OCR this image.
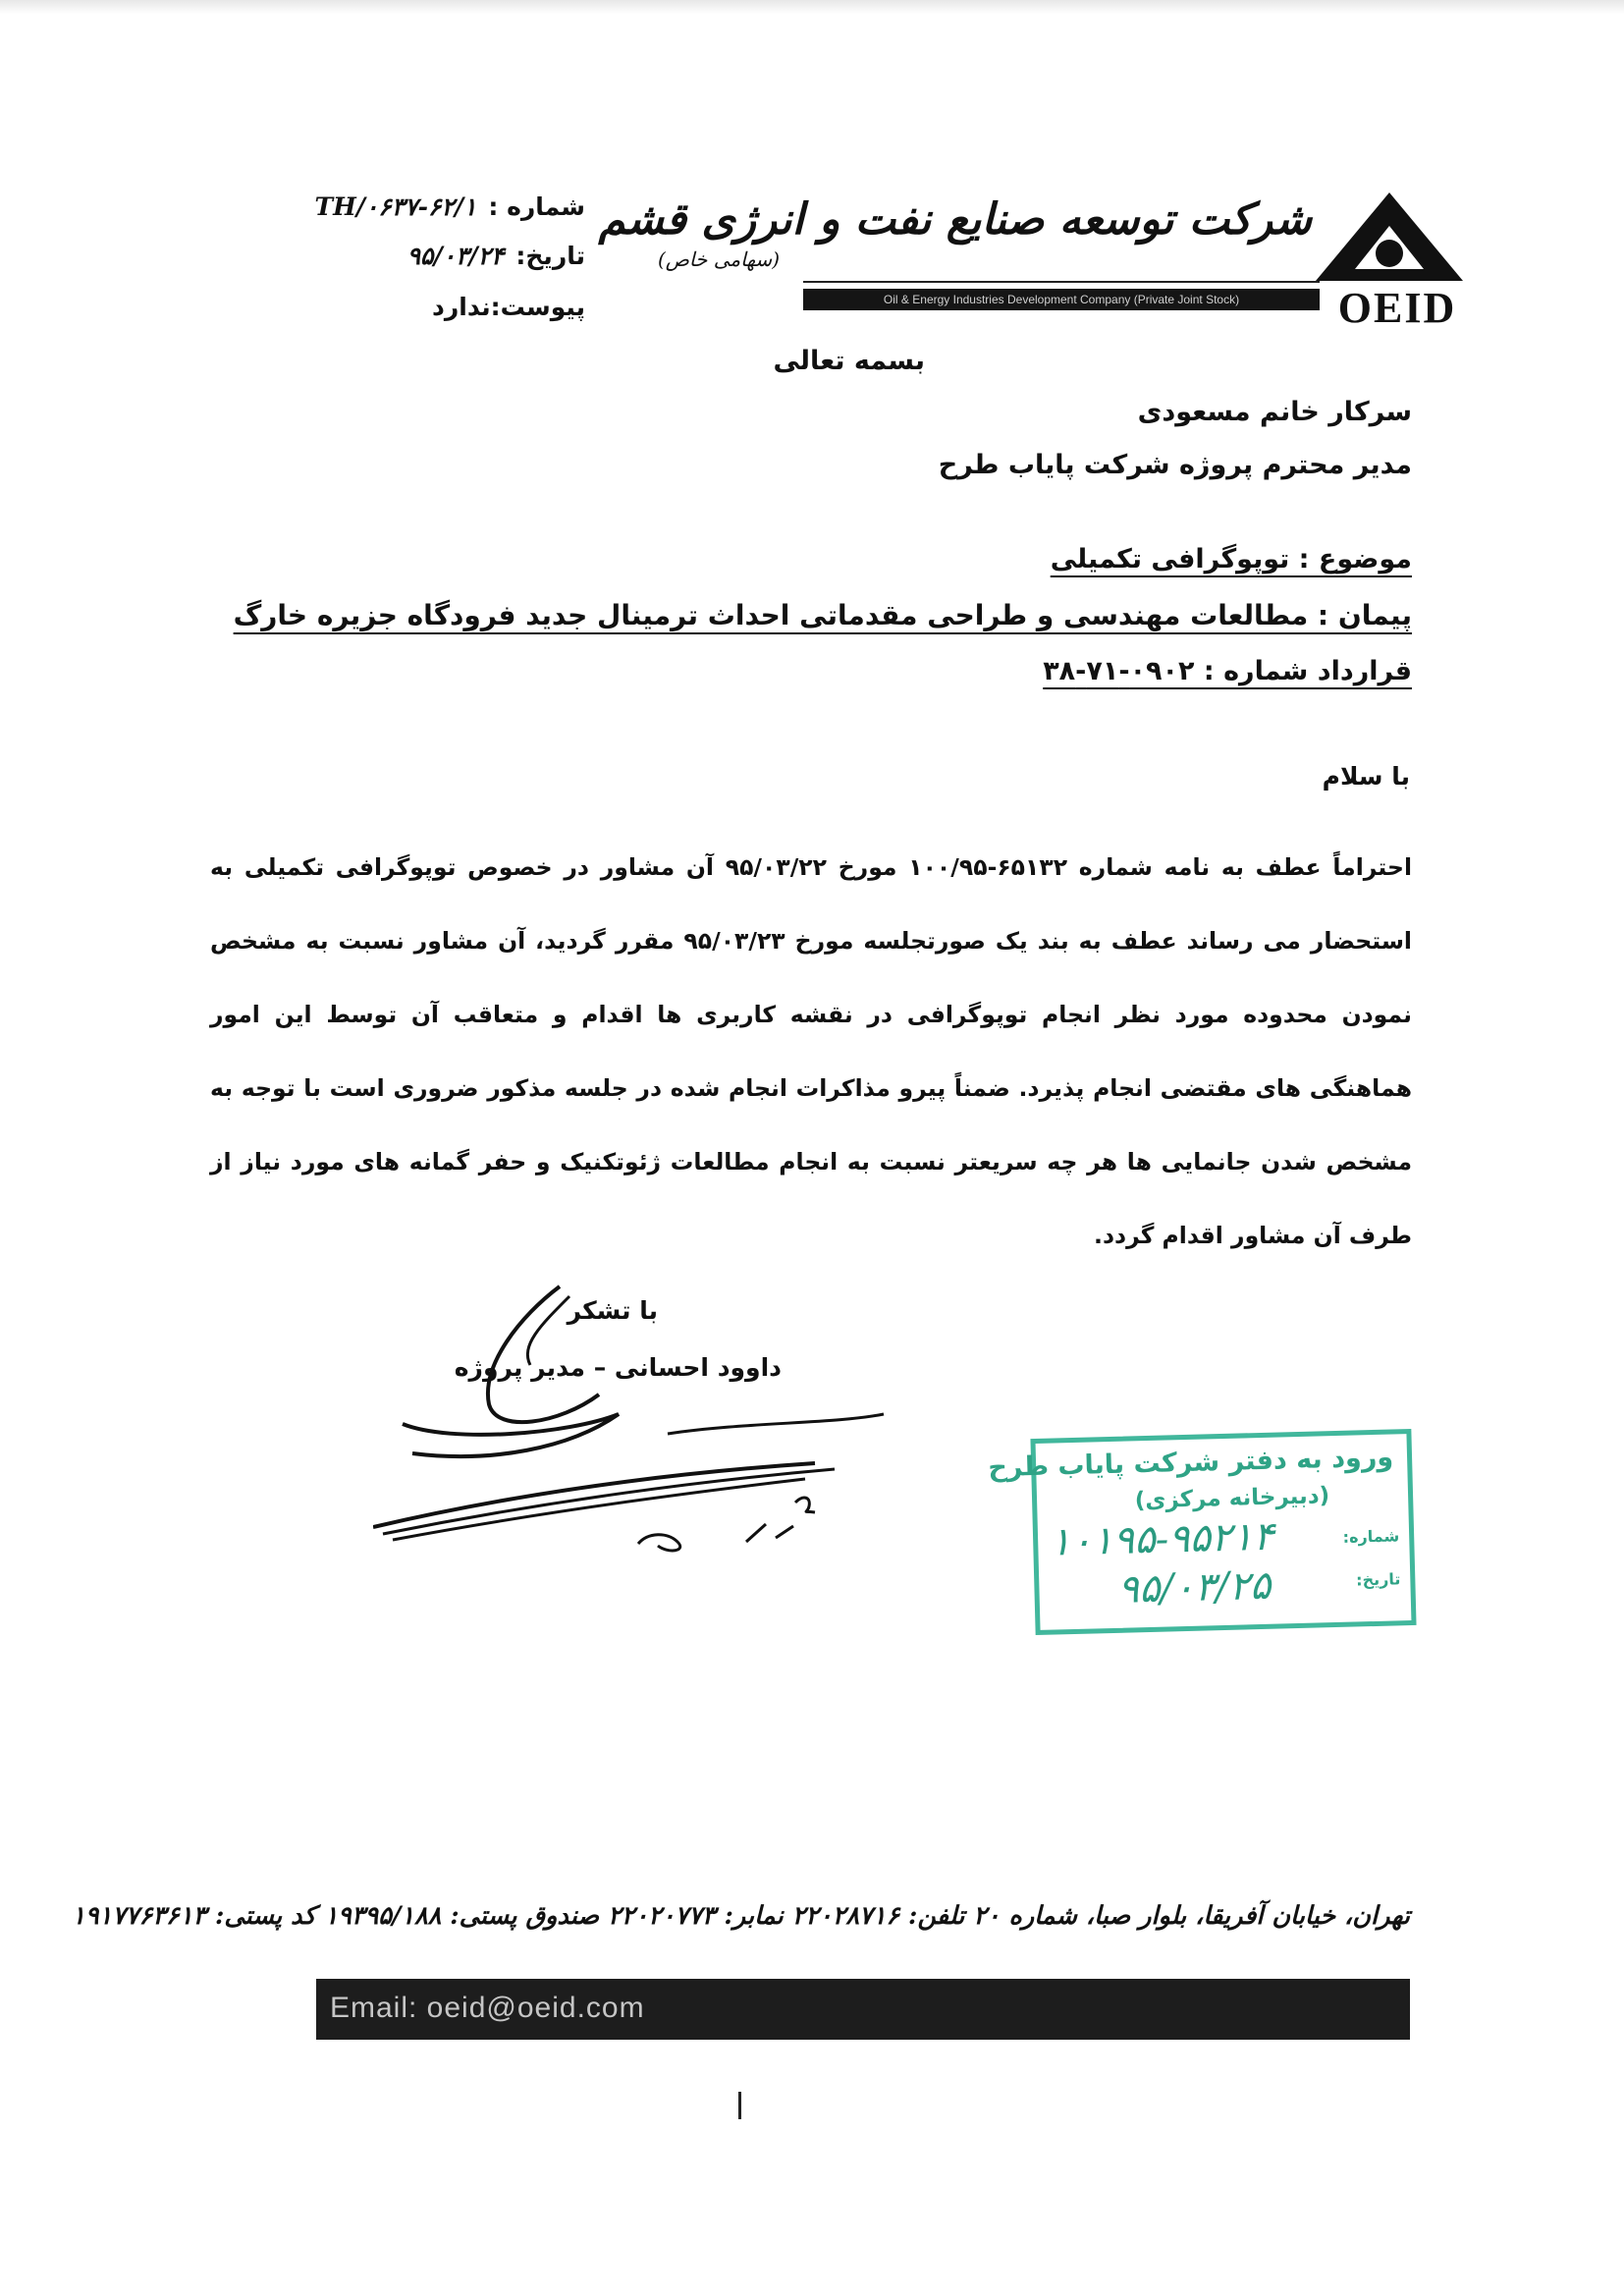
OEID
شرکت توسعه صنایع نفت و انرژی قشم
(سهامی خاص)
Oil & Energy Industries Development Company (Private Joint Stock)
شماره :۶۲/۱-TH/۰۶۳۷
تاریخ:۹۵/۰۳/۲۴
پیوست:ندارد
بسمه تعالی
سرکار خانم مسعودی
مدیر محترم پروژه شرکت پایاب طرح
موضوع : توپوگرافی تکمیلی
پیمان : مطالعات مهندسی و طراحی مقدماتی احداث ترمینال جدید فرودگاه جزیره خارگ
قرارداد شماره : ۰۹۰۲-۷۱-۳۸
با سلام
احتراماً عطف به نامه شماره ۶۵۱۳۲-۱۰۰/۹۵ مورخ ۹۵/۰۳/۲۲ آن مشاور در خصوص توپوگرافی تکمیلی به استحضار می رساند عطف به بند یک صورتجلسه مورخ ۹۵/۰۳/۲۳ مقرر گردید، آن مشاور نسبت به مشخص نمودن محدوده مورد نظر انجام توپوگرافی در نقشه کاربری ها اقدام و متعاقب آن توسط این امور هماهنگی های مقتضی انجام پذیرد. ضمناً پیرو مذاکرات انجام شده در جلسه مذکور ضروری است با توجه به مشخص شدن جانمایی ها هر چه سریعتر نسبت به انجام مطالعات ژئوتکنیک و حفر گمانه های مورد نیاز از طرف آن مشاور اقدام گردد.
با تشکر
داوود احسانی – مدیر پروژه
ورود به دفتر شرکت پایاب طرح
(دبیرخانه مرکزی)
شماره:
تاریخ:
۱۰۱۹۵-۹۵۲۱۴
۹۵/۰۳/۲۵
تهران، خیابان آفریقا، بلوار صبا، شماره ۲۰ تلفن: ۲۲۰۲۸۷۱۶ نمابر: ۲۲۰۲۰۷۷۳ صندوق پستی: ۱۹۳۹۵/۱۸۸ کد پستی: ۱۹۱۷۷۶۳۶۱۳
Email: oeid@oeid.com
